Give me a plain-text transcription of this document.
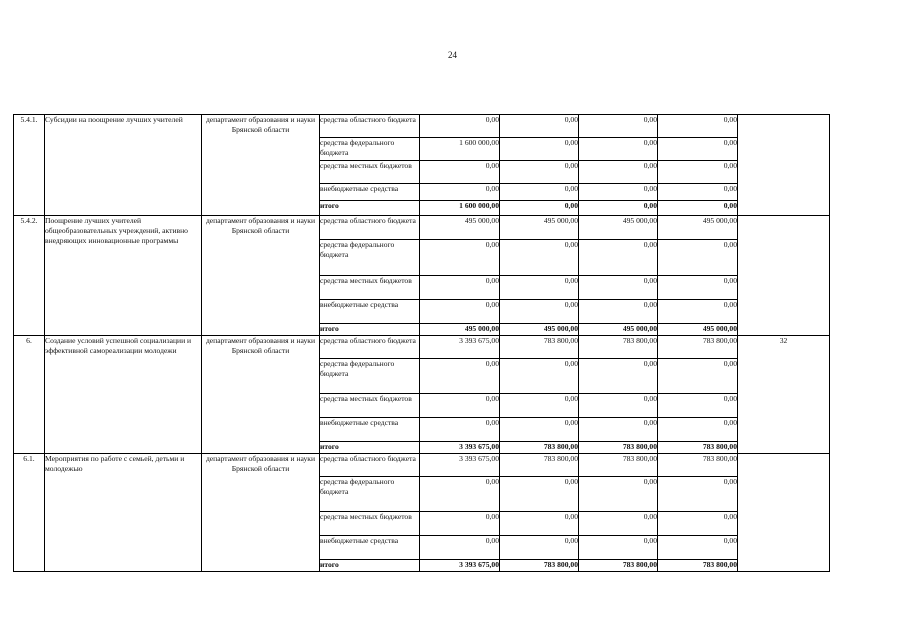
24
5.4.1.	Субсидии на поощрение лучших учителей	департамент образования и науки Брянской области	средства областного бюджета	0,00	0,00	0,00	0,00	
			средства федерального бюджета	1 600 000,00	0,00	0,00	0,00	
			средства местных бюджетов	0,00	0,00	0,00	0,00	
			внебюджетные средства	0,00	0,00	0,00	0,00	
			итого	1 600 000,00	0,00	0,00	0,00	
5.4.2.	Поощрение лучших учителей общеобразовательных учреждений, активно внедряющих инновационные программы	департамент образования и науки Брянской области	средства областного бюджета	495 000,00	495 000,00	495 000,00	495 000,00	
			средства федерального бюджета	0,00	0,00	0,00	0,00	
			средства местных бюджетов	0,00	0,00	0,00	0,00	
			внебюджетные средства	0,00	0,00	0,00	0,00	
			итого	495 000,00	495 000,00	495 000,00	495 000,00	
6.	Создание условий успешной социализации и эффективной самореализации молодежи	департамент образования и науки Брянской области	средства областного бюджета	3 393 675,00	783 800,00	783 800,00	783 800,00	32
			средства федерального бюджета	0,00	0,00	0,00	0,00	
			средства местных бюджетов	0,00	0,00	0,00	0,00	
			внебюджетные средства	0,00	0,00	0,00	0,00	
			итого	3 393 675,00	783 800,00	783 800,00	783 800,00	
6.1.	Мероприятия по работе с семьей, детьми и молодежью	департамент образования и науки Брянской области	средства областного бюджета	3 393 675,00	783 800,00	783 800,00	783 800,00	
			средства федерального бюджета	0,00	0,00	0,00	0,00	
			средства местных бюджетов	0,00	0,00	0,00	0,00	
			внебюджетные средства	0,00	0,00	0,00	0,00	
			итого	3 393 675,00	783 800,00	783 800,00	783 800,00	
